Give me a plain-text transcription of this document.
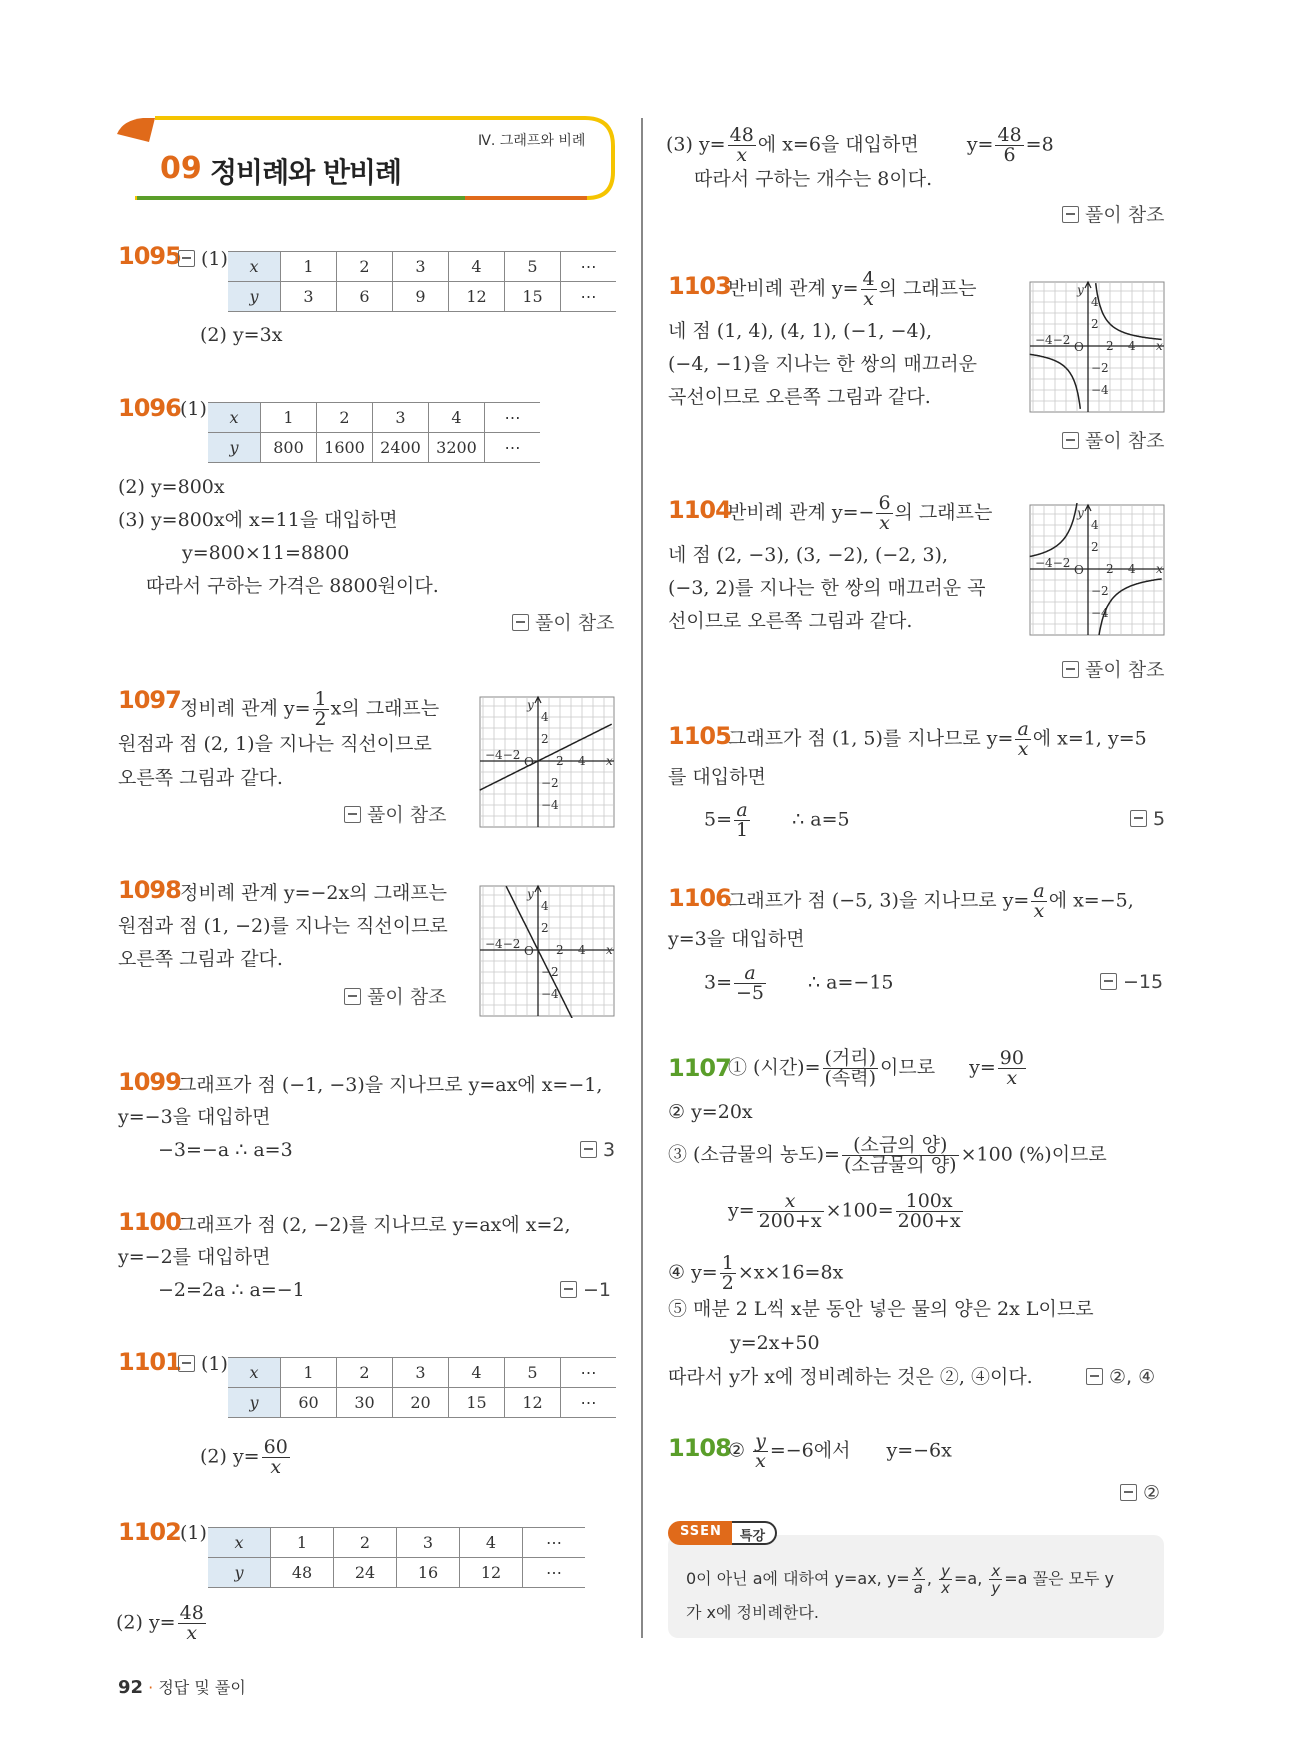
Ⅳ. 그래프와 비례
09 정비례와 반비례
1095	(1) x	1	2	3	4	5	⋯
y	3	6	9	12	15	⋯
(2) y=3x
1096 (1) x	1	2	3	4	⋯
y	800	1600	2400	3200	⋯
(2) y=800x
(3) y=800x에 x=11을 대입하면
y=800×11=8800
따라서 구하는 가격은 8800원이다.
풀이 참조
1097 정비례 관계 $y= \frac{1}{2}$ x의 그래프는
원점과 점 (2, 1)을 지나는 직선이므로
오른쪽 그림과 같다.
풀이 참조
y
x
O
4
2
−2
−4
2 4
−4−2
1098 정비례 관계 y=−2x의 그래프는
원점과 점 (1, −2)를 지나는 직선이므로
오른쪽 그림과 같다.
풀이 참조
y
x
O
4
2
−2
−4
2 4
−4−2
1099
그래프가 점 (−1, −3)을 지나므로 y=ax에 x=−1,
y=−3을 대입하면
−3=−a ∴ a=3	3
1100
그래프가 점 (2, −2)를 지나므로 y=ax에 x=2,
y=−2를 대입하면
−2=2a ∴ a=−1	−1
1101	(1) x	1	2	3	4	5	⋯
y	60	30	20	15	12	⋯
(2) $y= \frac{60}{x}$
1102 (1) x	1	2	3	4	⋯
y	48	24	16	12	⋯
(2) $y= \frac{48}{x}$
92 · 정답 및 풀이
(3) $y= \frac{48}{x}$ 에 x=6을 대입하면	$y= \frac{48}{6} =8$
따라서 구하는 개수는 8이다.
풀이 참조
1103
반비례 관계 $y= \frac{4}{x}$ 의 그래프는
네 점 (1, 4), (4, 1), (−1, −4),
(−4, −1)을 지나는 한 쌍의 매끄러운
곡선이므로 오른쪽 그림과 같다.
풀이 참조
y
x
O
4
2
−2
−4
2 4
−4−2
1104
반비례 관계 $y=- \frac{6}{x}$ 의 그래프는
네 점 (2, −3), (3, −2), (−2, 3),
(−3, 2)를 지나는 한 쌍의 매끄러운 곡
선이므로 오른쪽 그림과 같다.
풀이 참조
y
x
O
4
2
−2
−4
2 4
−4−2
1105
그래프가 점 (1, 5)를 지나므로 $y= \frac{a}{x}$ 에 x=1, y=5
를 대입하면
$5= \frac{a}{1}$ ∴ a=5	5
1106
그래프가 점 (−5, 3)을 지나므로 $y= \frac{a}{x}$ 에 x=−5,
y=3을 대입하면
$3= \frac{a}{-5}$ ∴ a=−15	−15
1107
① (시간)= $\frac{\text{(거리)}}{\text{(속력)}}$ 이므로 $y= \frac{90}{x}$
② y=20x
③ (소금물의 농도)= $\frac{\text{(소금의 양)}}{\text{(소금물의 양)}} \times 100$ (%)이므로
$y= \frac{x}{200+x} \times 100= \frac{100x}{200+x}$
④ $y= \frac{1}{2} \times x\times 16=8x$
⑤ 매분 2 L씩 x분 동안 넣은 물의 양은 2x L이므로
y=2x+50
따라서 y가 x에 정비례하는 것은 ②, ④이다.	②, ④
1108
② $\frac{y}{x} =-6$에서 y=−6x
②
SSEN	특강
0이 아닌 a에 대하여 y=ax, $y= \frac{x}{a}$ , $\frac{y}{x} =a$, $\frac{x}{y} =a$ 꼴은 모두 y
가 x에 정비례한다.
